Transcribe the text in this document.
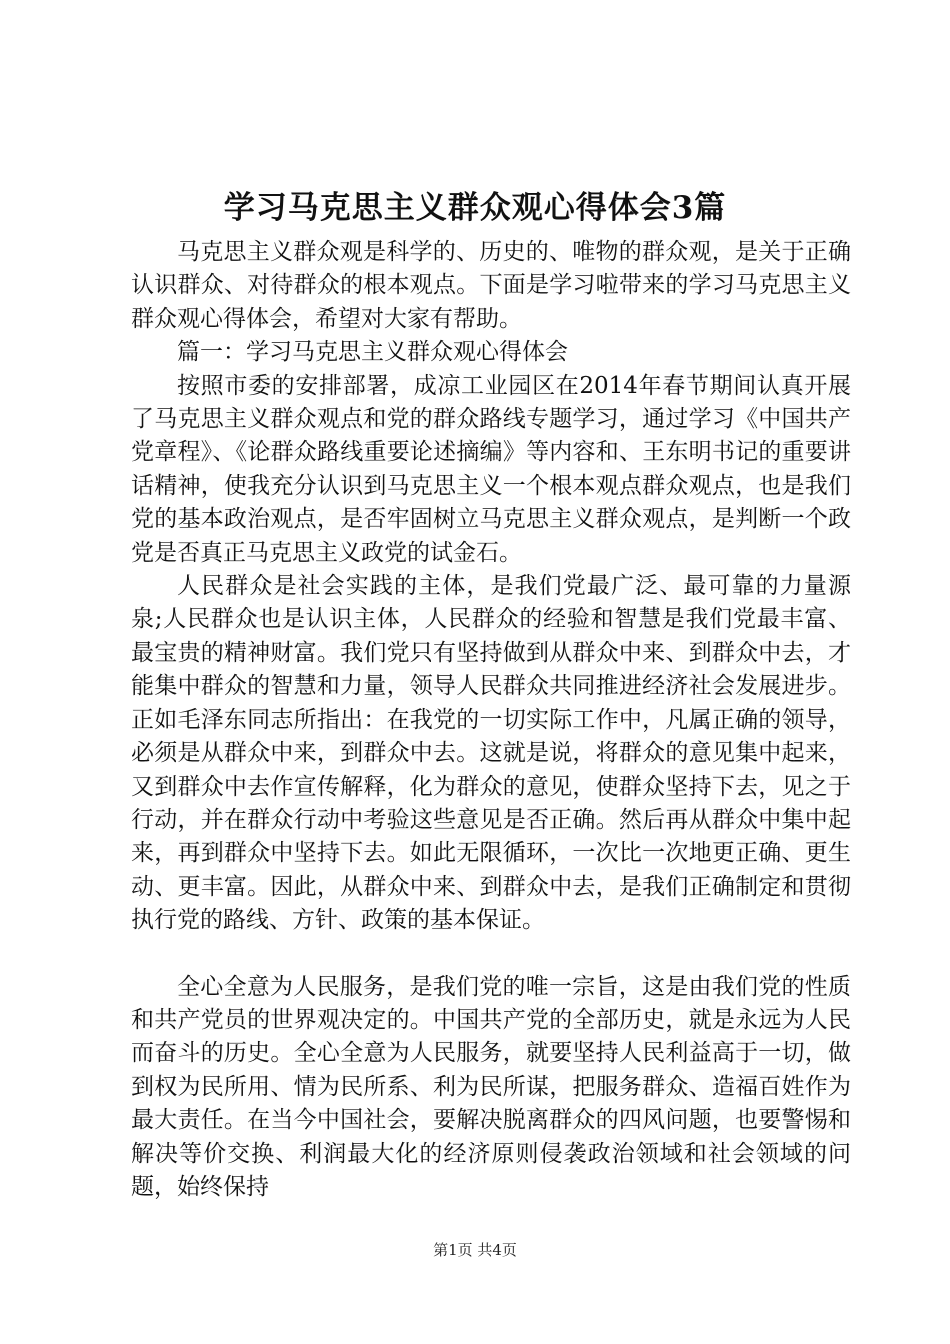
学习马克思主义群众观心得体会3篇

马克思主义群众观是科学的、历史的、唯物的群众观，是关于正确认识群众、对待群众的根本观点。下面是学习啦带来的学习马克思主义群众观心得体会，希望对大家有帮助。

篇一：学习马克思主义群众观心得体会

按照市委的安排部署，成凉工业园区在2014年春节期间认真开展了马克思主义群众观点和党的群众路线专题学习，通过学习《中国共产党章程》、《论群众路线重要论述摘编》等内容和、王东明书记的重要讲话精神，使我充分认识到马克思主义一个根本观点群众观点，也是我们党的基本政治观点，是否牢固树立马克思主义群众观点，是判断一个政党是否真正马克思主义政党的试金石。

人民群众是社会实践的主体，是我们党最广泛、最可靠的力量源泉;人民群众也是认识主体，人民群众的经验和智慧是我们党最丰富、最宝贵的精神财富。我们党只有坚持做到从群众中来、到群众中去，才能集中群众的智慧和力量，领导人民群众共同推进经济社会发展进步。正如毛泽东同志所指出：在我党的一切实际工作中，凡属正确的领导，必须是从群众中来，到群众中去。这就是说，将群众的意见集中起来，又到群众中去作宣传解释，化为群众的意见，使群众坚持下去，见之于行动，并在群众行动中考验这些意见是否正确。然后再从群众中集中起来，再到群众中坚持下去。如此无限循环，一次比一次地更正确、更生动、更丰富。因此，从群众中来、到群众中去，是我们正确制定和贯彻执行党的路线、方针、政策的基本保证。

全心全意为人民服务，是我们党的唯一宗旨，这是由我们党的性质和共产党员的世界观决定的。中国共产党的全部历史，就是永远为人民而奋斗的历史。全心全意为人民服务，就要坚持人民利益高于一切，做到权为民所用、情为民所系、利为民所谋，把服务群众、造福百姓作为最大责任。在当今中国社会，要解决脱离群众的四风问题，也要警惕和解决等价交换、利润最大化的经济原则侵袭政治领域和社会领域的问题，始终保持

第1页 共4页
